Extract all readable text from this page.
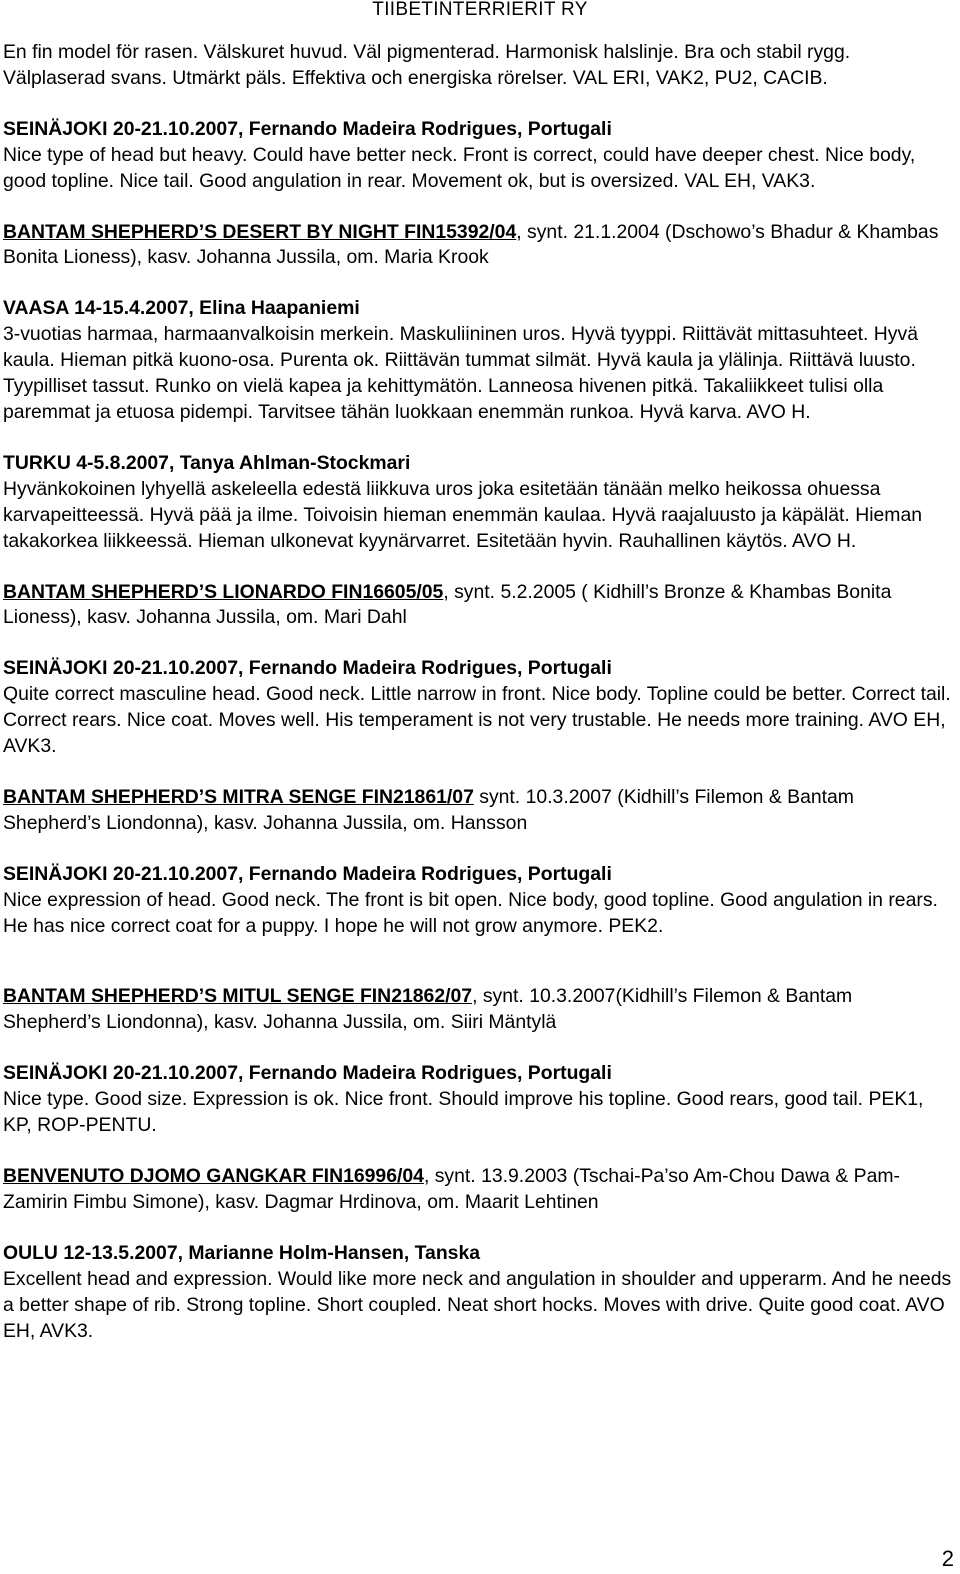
TIIBETINTERRIERIT RY

En fin model för rasen. Välskuret huvud. Väl pigmenterad. Harmonisk halslinje. Bra och stabil rygg. Välplaserad svans. Utmärkt päls. Effektiva och energiska rörelser. VAL ERI, VAK2, PU2, CACIB.

SEINÄJOKI 20-21.10.2007, Fernando Madeira Rodrigues, Portugali

Nice type of head but heavy. Could have better neck. Front is correct, could have deeper chest. Nice body, good topline. Nice tail. Good angulation in rear. Movement ok, but is oversized. VAL EH, VAK3.

BANTAM SHEPHERD’S DESERT BY NIGHT FIN15392/04, synt. 21.1.2004 (Dschowo’s Bhadur & Khambas Bonita Lioness), kasv. Johanna Jussila, om. Maria Krook

VAASA 14-15.4.2007, Elina Haapaniemi

3-vuotias harmaa, harmaanvalkoisin merkein. Maskuliininen uros. Hyvä tyyppi. Riittävät mittasuhteet. Hyvä kaula. Hieman pitkä kuono-osa. Purenta ok. Riittävän tummat silmät. Hyvä kaula ja ylälinja. Riittävä luusto. Tyypilliset tassut. Runko on vielä kapea ja kehittymätön. Lanneosa hivenen pitkä. Takaliikkeet tulisi olla paremmat ja etuosa pidempi. Tarvitsee tähän luokkaan enemmän runkoa. Hyvä karva. AVO H.

TURKU 4-5.8.2007, Tanya Ahlman-Stockmari

Hyvänkokoinen lyhyellä askeleella edestä liikkuva uros joka esitetään tänään melko heikossa ohuessa karvapeitteessä. Hyvä pää ja ilme. Toivoisin hieman enemmän kaulaa. Hyvä raajaluusto ja käpälät. Hieman takakorkea liikkeessä. Hieman ulkonevat kyynärvarret. Esitetään hyvin. Rauhallinen käytös. AVO H.

BANTAM SHEPHERD’S LIONARDO FIN16605/05, synt. 5.2.2005 ( Kidhill’s Bronze & Khambas Bonita Lioness), kasv. Johanna Jussila, om. Mari Dahl

SEINÄJOKI 20-21.10.2007, Fernando Madeira Rodrigues, Portugali

Quite correct masculine head. Good neck. Little narrow in front. Nice body. Topline could be better. Correct tail. Correct rears. Nice coat. Moves well. His temperament is not very trustable. He needs more training. AVO EH, AVK3.

BANTAM SHEPHERD’S MITRA SENGE FIN21861/07 synt. 10.3.2007 (Kidhill’s Filemon & Bantam Shepherd’s Liondonna), kasv. Johanna Jussila, om. Hansson

SEINÄJOKI 20-21.10.2007, Fernando Madeira Rodrigues, Portugali

Nice expression of head. Good neck. The front is bit open. Nice body, good topline. Good angulation in rears. He has nice correct coat for a puppy. I hope he will not grow anymore. PEK2.

BANTAM SHEPHERD’S MITUL SENGE FIN21862/07, synt. 10.3.2007(Kidhill’s Filemon & Bantam Shepherd’s Liondonna), kasv. Johanna Jussila, om. Siiri Mäntylä

SEINÄJOKI 20-21.10.2007, Fernando Madeira Rodrigues, Portugali

Nice type. Good size. Expression is ok. Nice front. Should improve his topline. Good rears, good tail. PEK1, KP, ROP-PENTU.

BENVENUTO DJOMO GANGKAR FIN16996/04, synt. 13.9.2003 (Tschai-Pa’so Am-Chou Dawa & Pam-Zamirin Fimbu Simone), kasv. Dagmar Hrdinova, om. Maarit Lehtinen

OULU 12-13.5.2007, Marianne Holm-Hansen, Tanska

Excellent head and expression. Would like more neck and angulation in shoulder and upperarm. And he needs a better shape of rib. Strong topline. Short coupled. Neat short hocks. Moves with drive. Quite good coat. AVO EH, AVK3.

2
